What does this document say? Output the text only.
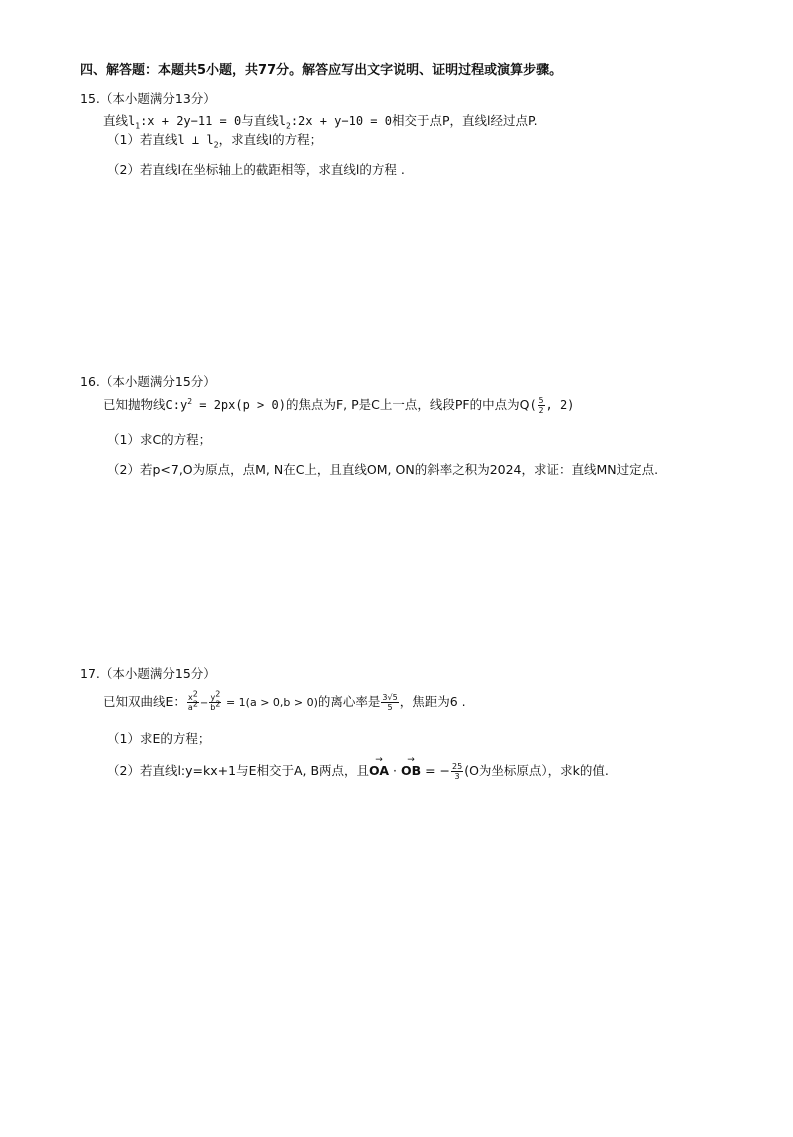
四、解答题：本题共5小题，共77分。解答应写出文字说明、证明过程或演算步骤。
15.（本小题满分13分）
直线$l_1:x + 2y-11 = 0$与直线$l_2:2x + y-10 = 0$相交于点P，直线l经过点P.
（1）若直线l ⊥ $l_2$，求直线l的方程；
（2）若直线l在坐标轴上的截距相等，求直线l的方程 .
16.（本小题满分15分）
已知抛物线$C:y^2 = 2px(p > 0)$的焦点为F, P是C上一点，线段PF的中点为$Q( \frac{5}{2}$ , 2)
（1）求C的方程；
（2）若p<7,O为原点，点M, N在C上，且直线OM, ON的斜率之积为2024，求证：直线MN过定点.
17.（本小题满分15分）
已知双曲线E： $\frac{x^2}{a^2} - \frac{y^2}{b^2} = 1(a > 0,b > 0)$的离心率是 $\frac{3√5}{5}$ ，焦距为6 .
（1）求E的方程；
（2）若直线l:y=kx+1与E相交于A, B两点，且→ OA · → OB = − $\frac{25}{3} (O$为坐标原点），求k的值.
